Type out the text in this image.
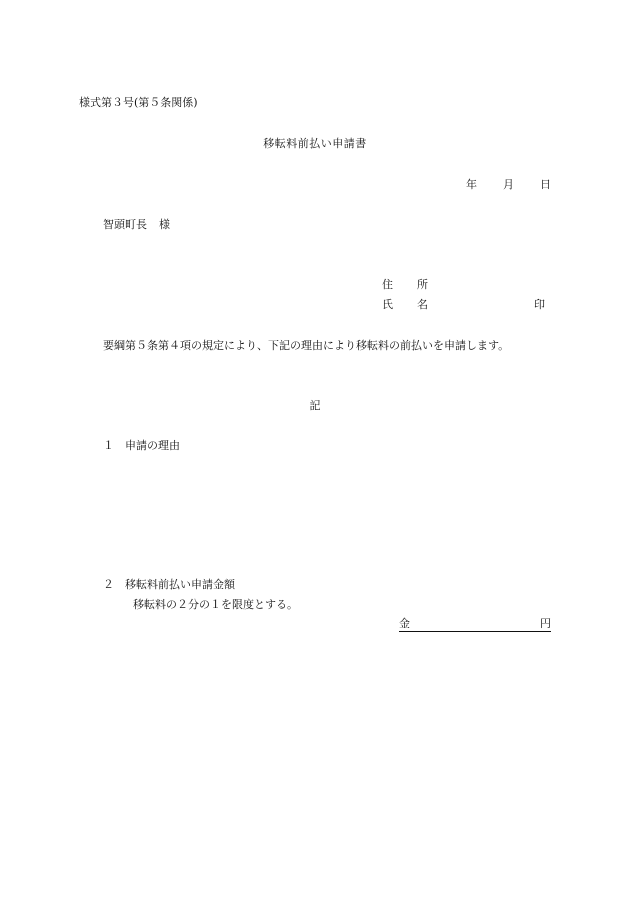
様式第３号(第５条関係)
移転料前払い申請書
年 月 日
智頭町長 様
住 所
氏 名	印
要綱第５条第４項の規定により、下記の理由により移転料の前払いを申請します。
記
１ 申請の理由
２ 移転料前払い申請金額
移転料の２分の１を限度とする。
金	円
